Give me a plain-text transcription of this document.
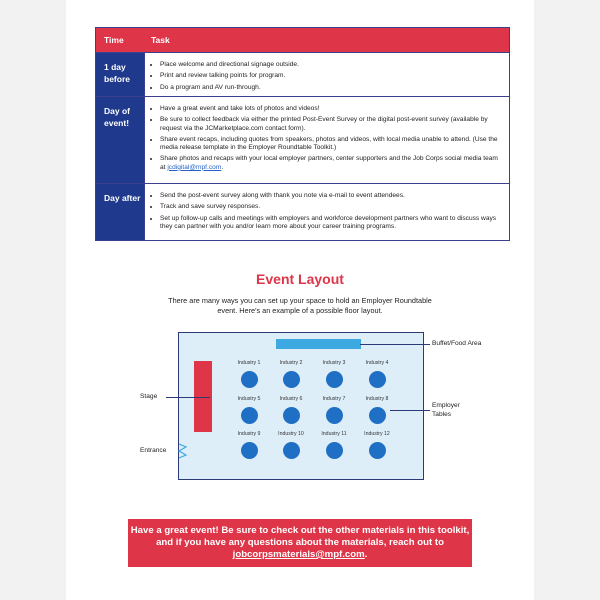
Time	Task
1 day before
• Place welcome and directional signage outside.
• Print and review talking points for program.
• Do a program and AV run-through.
Day of event!
• Have a great event and take lots of photos and videos!
• Be sure to collect feedback via either the printed Post-Event Survey or the digital post-event survey (available by request via the JCMarketplace.com contact form).
• Share event recaps, including quotes from speakers, photos and videos, with local media unable to attend. (Use the media release template in the Employer Roundtable Toolkit.)
• Share photos and recaps with your local employer partners, center supporters and the Job Corps social media team at jcdigital@mpf.com.
Day after
•	Send the post-event survey along with thank you note via e-mail to event attendees.
• Track and save survey responses.
• Set up follow-up calls and meetings with employers and workforce development partners who want to discuss ways they can partner with you and/or learn more about your career training programs.
Event Layout
There are many ways you can set up your space to hold an Employer Roundtable event. Here's an example of a possible floor layout.
Industry 1	Industry 2	Industry 3	Industry 4
Industry 5	Industry 6	Industry 7	Industry 8
Industry 9	Industry 10	Industry 11	Industry 12
Buffet/Food Area
Stage
Employer Tables
Entrance
Have a great event! Be sure to check out the other materials in this toolkit, and if you have any questions about the materials, reach out to jobcorpsmaterials@mpf.com.
